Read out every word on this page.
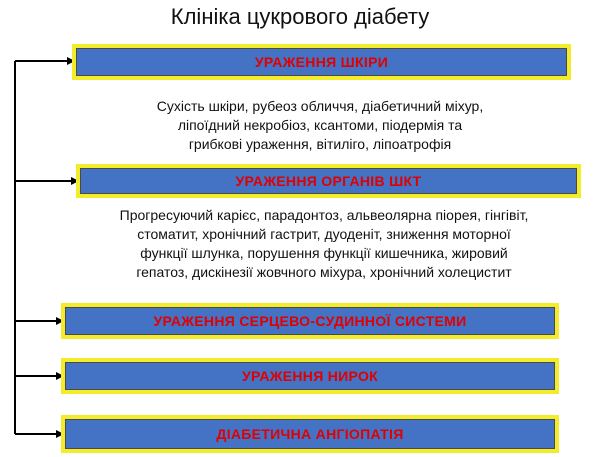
Клініка цукрового діабету
УРАЖЕННЯ ШКІРИ
Сухість шкіри, рубеоз обличчя, діабетичний міхур,
ліпоїдний некробіоз, ксантоми, піодермія та
грибкові ураження, вітиліго, ліпоатрофія
УРАЖЕННЯ ОРГАНІВ ШКТ
Прогресуючий карієс, парадонтоз, альвеолярна піорея, гінгівіт,
стоматит, хронічний гастрит, дуоденіт, зниження моторної
функції шлунка, порушення функції кишечника, жировий
гепатоз, дискінезії жовчного міхура, хронічний холецистит
УРАЖЕННЯ СЕРЦЕВО-СУДИННОЇ СИСТЕМИ
УРАЖЕННЯ НИРОК
ДІАБЕТИЧНА АНГІОПАТІЯ
